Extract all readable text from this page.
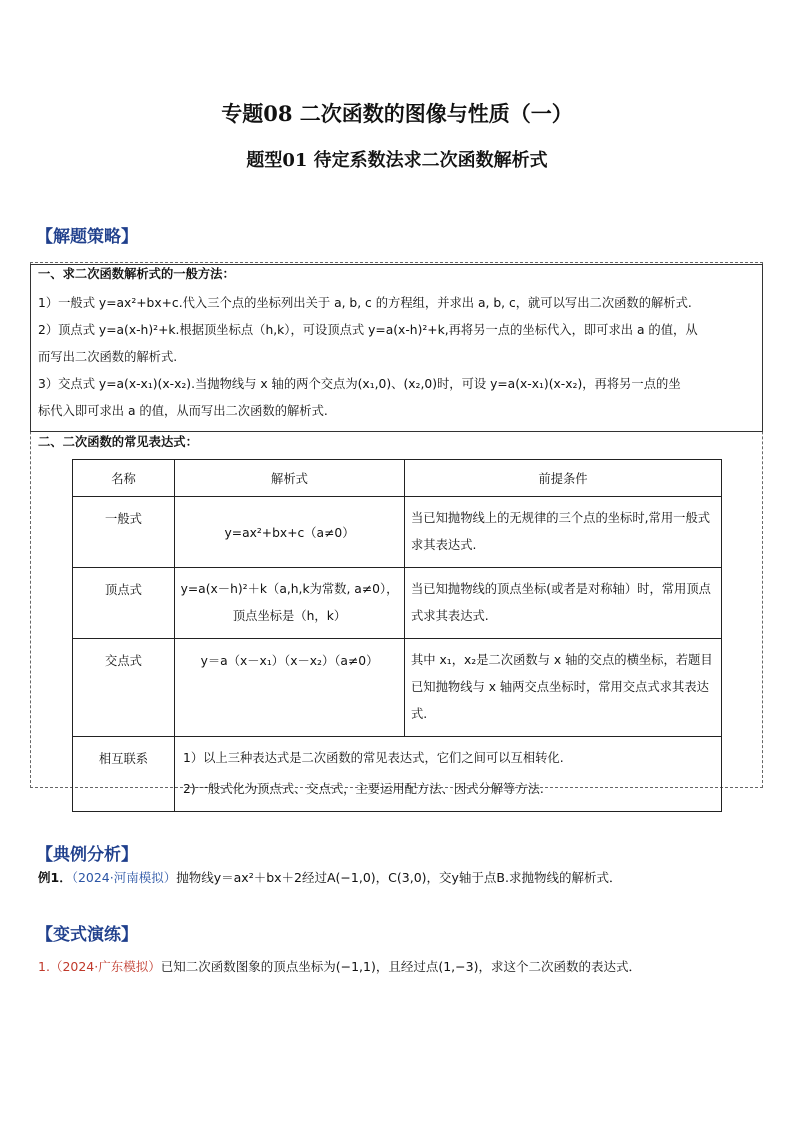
专题08 二次函数的图像与性质（一）
题型01 待定系数法求二次函数解析式
【解题策略】
一、求二次函数解析式的一般方法：
1）一般式 y=ax²+bx+c.代入三个点的坐标列出关于 a, b, c 的方程组，并求出 a, b, c，就可以写出二次函数的解析式.
2）顶点式 y=a(x-h)²+k.根据顶坐标点（h,k），可设顶点式 y=a(x-h)²+k,再将另一点的坐标代入，即可求出 a 的值，从
而写出二次函数的解析式.
3）交点式 y=a(x-x₁)(x-x₂).当抛物线与 x 轴的两个交点为(x₁,0)、(x₂,0)时，可设 y=a(x-x₁)(x-x₂)，再将另一点的坐
标代入即可求出 a 的值，从而写出二次函数的解析式.
二、二次函数的常见表达式：
名称	解析式	前提条件
一般式	y=ax²+bx+c（a≠0）	当已知抛物线上的无规律的三个点的坐标时,常用一般式求其表达式.
顶点式	y=a(x－h)²＋k（a,h,k为常数, a≠0），顶点坐标是（h，k）	当已知抛物线的顶点坐标(或者是对称轴）时，常用顶点式求其表达式.
交点式	y＝a（x－x₁）（x－x₂）（a≠0）	其中 x₁，x₂是二次函数与 x 轴的交点的横坐标，若题目已知抛物线与 x 轴两交点坐标时，常用交点式求其表达式.
相互联系	1）以上三种表达式是二次函数的常见表达式，它们之间可以互相转化.
2)一般式化为顶点式、交点式，主要运用配方法、因式分解等方法.	
【典例分析】
例1．（2024·河南模拟）抛物线y＝ax²＋bx＋2经过A(−1,0)，C(3,0)，交y轴于点B.求抛物线的解析式．
【变式演练】
1.（2024·广东模拟）已知二次函数图象的顶点坐标为(−1,1)，且经过点(1,−3)，求这个二次函数的表达式．
